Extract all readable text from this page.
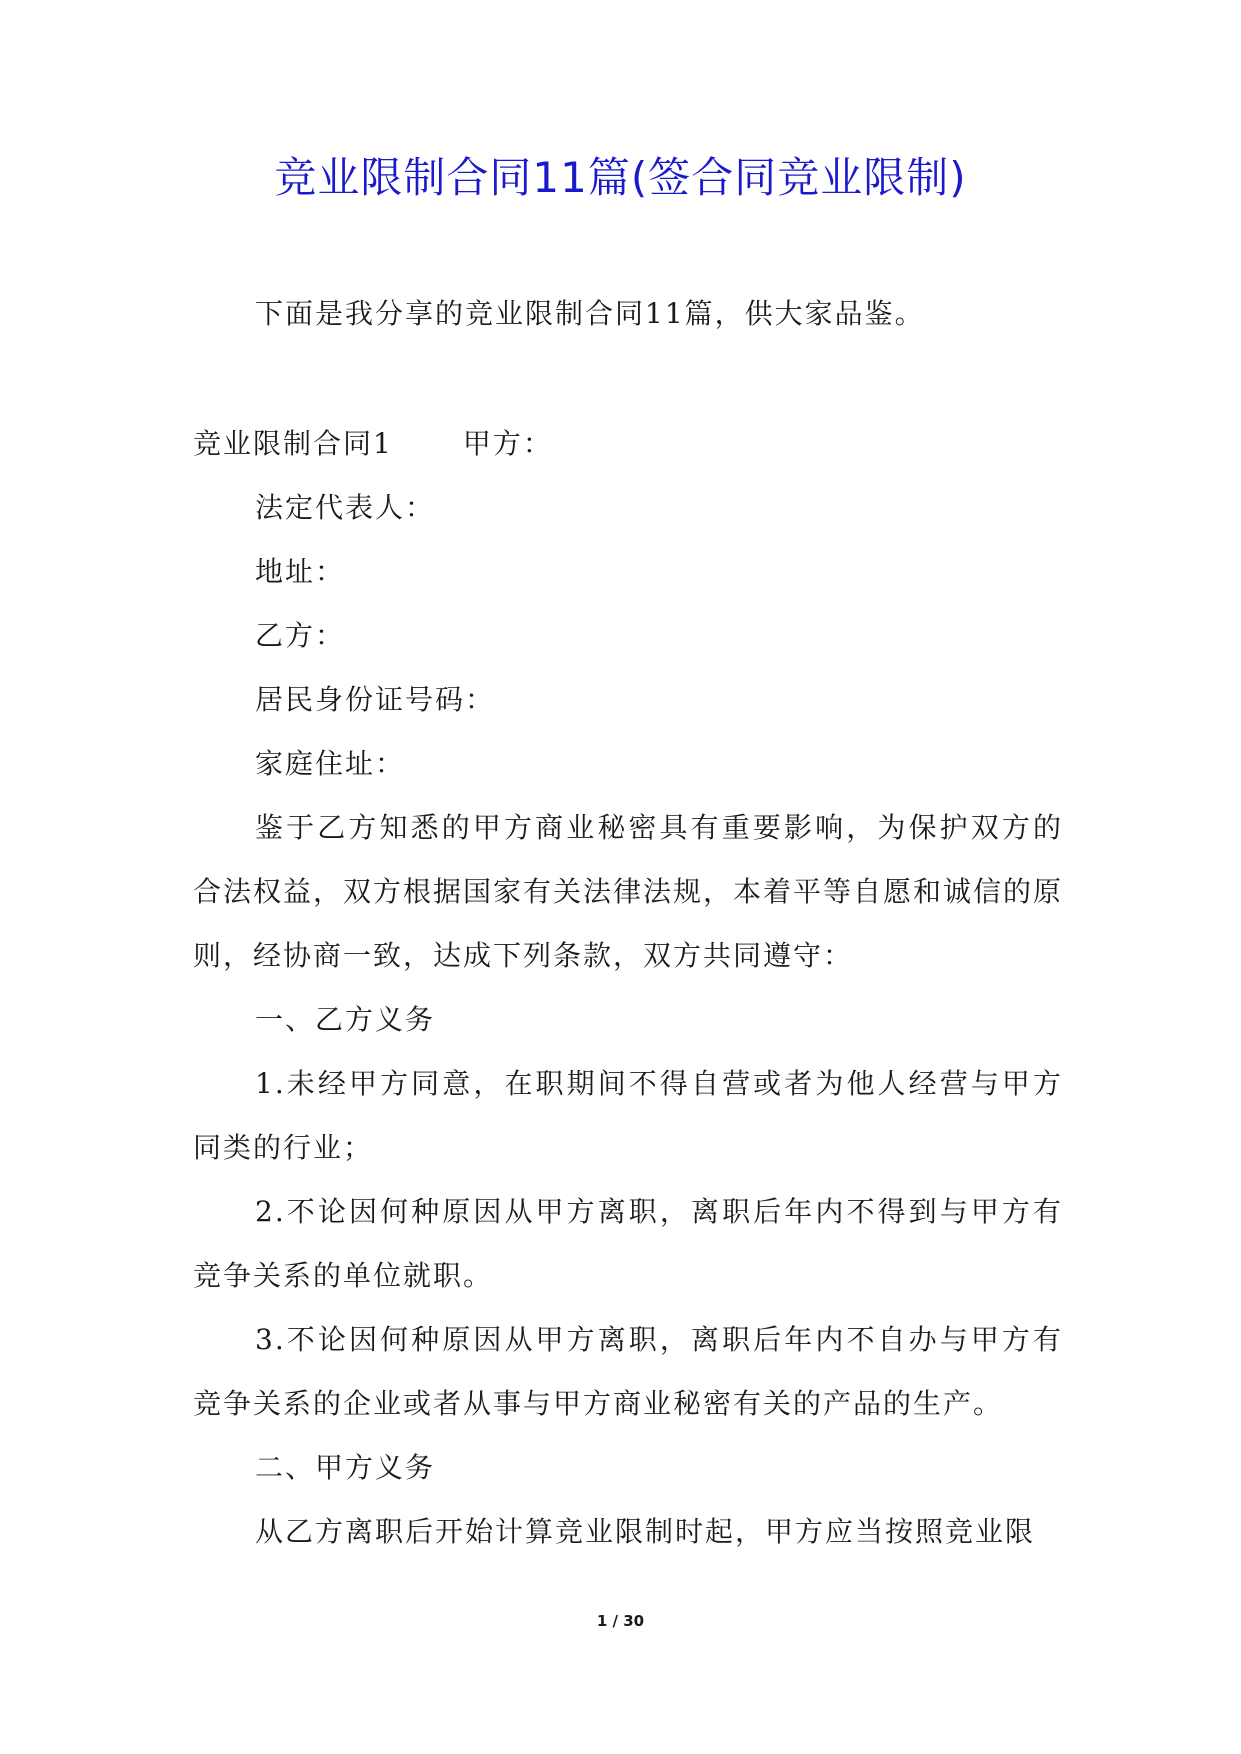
竞业限制合同11篇(签合同竞业限制)

下面是我分享的竞业限制合同11篇，供大家品鉴。

竞业限制合同1	甲方：

法定代表人：

地址：

乙方：

居民身份证号码：

家庭住址：

鉴于乙方知悉的甲方商业秘密具有重要影响，为保护双方的合法权益，双方根据国家有关法律法规，本着平等自愿和诚信的原则，经协商一致，达成下列条款，双方共同遵守：

一、乙方义务

1.未经甲方同意，在职期间不得自营或者为他人经营与甲方同类的行业；

2.不论因何种原因从甲方离职，离职后年内不得到与甲方有竞争关系的单位就职。

3.不论因何种原因从甲方离职，离职后年内不自办与甲方有竞争关系的企业或者从事与甲方商业秘密有关的产品的生产。

二、甲方义务

从乙方离职后开始计算竞业限制时起，甲方应当按照竞业限

1 / 30
